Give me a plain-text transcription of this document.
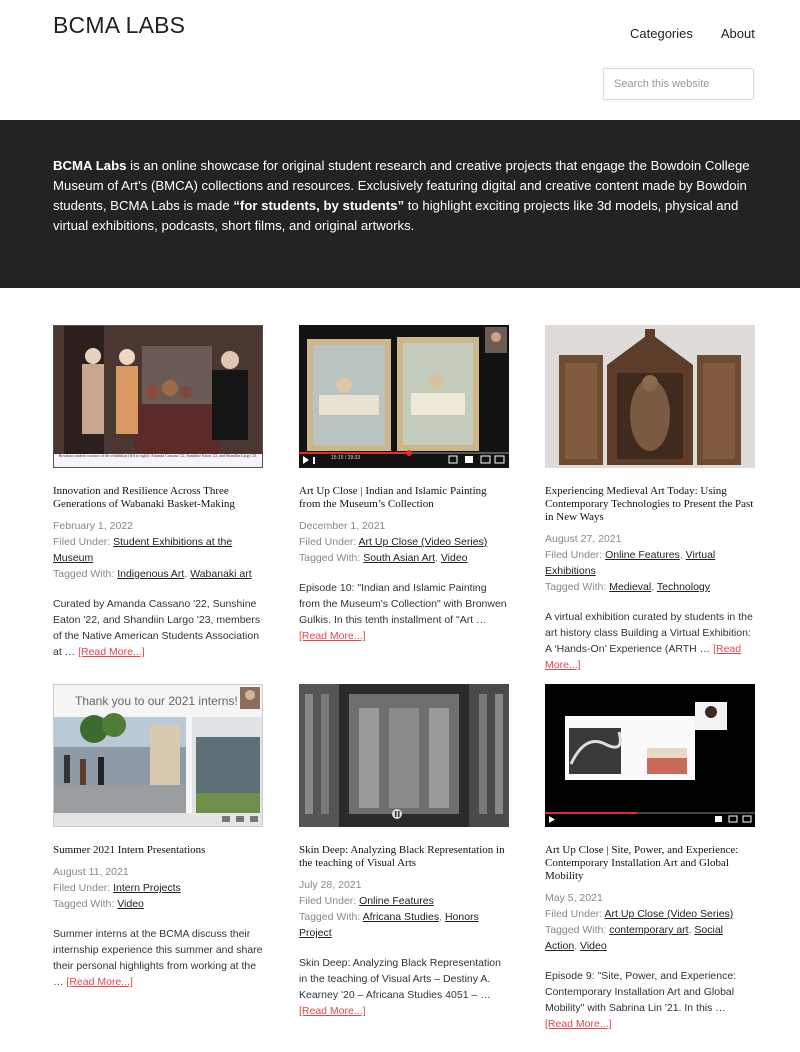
BCMA LABS	Categories About
Search this website

BCMA Labs is an online showcase for original student research and creative projects that engage the Bowdoin College Museum of Art’s (BMCA) collections and resources. Exclusively featuring digital and creative content made by Bowdoin students, BCMA Labs is made “for students, by students” to highlight exciting projects like 3d models, physical and virtual exhibitions, podcasts, short films, and original artworks.

Bowdoin student curators of the exhibition (left to right): Amanda Cassano '22, Sunshine Eaton '22, and Shandiin Largo '23.
Innovation and Resilience Across Three Generations of Wabanaki Basket-Making
February 1, 2022
Filed Under: Student Exhibitions at the Museum
Tagged With: Indigenous Art, Wabanaki art
Curated by Amanda Cassano '22, Sunshine Eaton '22, and Shandiin Largo '23, members of the Native American Students Association at … [Read More...]
15:15 / 29:33
Art Up Close | Indian and Islamic Painting from the Museum’s Collection
December 1, 2021
Filed Under: Art Up Close (Video Series)
Tagged With: South Asian Art, Video
Episode 10: "Indian and Islamic Painting from the Museum's Collection" with Bronwen Gulkis. In this tenth installment of "Art … [Read More...]
Experiencing Medieval Art Today: Using Contemporary Technologies to Present the Past in New Ways
August 27, 2021
Filed Under: Online Features, Virtual Exhibitions
Tagged With: Medieval, Technology
A virtual exhibition curated by students in the art history class Building a Virtual Exhibition: A ‘Hands-On’ Experience (ARTH … [Read More...]
Thank you to our 2021 interns!
Summer 2021 Intern Presentations
August 11, 2021
Filed Under: Intern Projects
Tagged With: Video
Summer interns at the BCMA discuss their internship experience this summer and share their personal highlights from working at the … [Read More...]
Skin Deep: Analyzing Black Representation in the teaching of Visual Arts
July 28, 2021
Filed Under: Online Features
Tagged With: Africana Studies, Honors Project
Skin Deep: Analyzing Black Representation in the teaching of Visual Arts – Destiny A. Kearney '20 – Africana Studies 4051 – … [Read More...]
Art Up Close | Site, Power, and Experience: Contemporary Installation Art and Global Mobility
May 5, 2021
Filed Under: Art Up Close (Video Series)
Tagged With: contemporary art, Social Action, Video
Episode 9: "Site, Power, and Experience: Contemporary Installation Art and Global Mobility" with Sabrina Lin '21. In this … [Read More...]
